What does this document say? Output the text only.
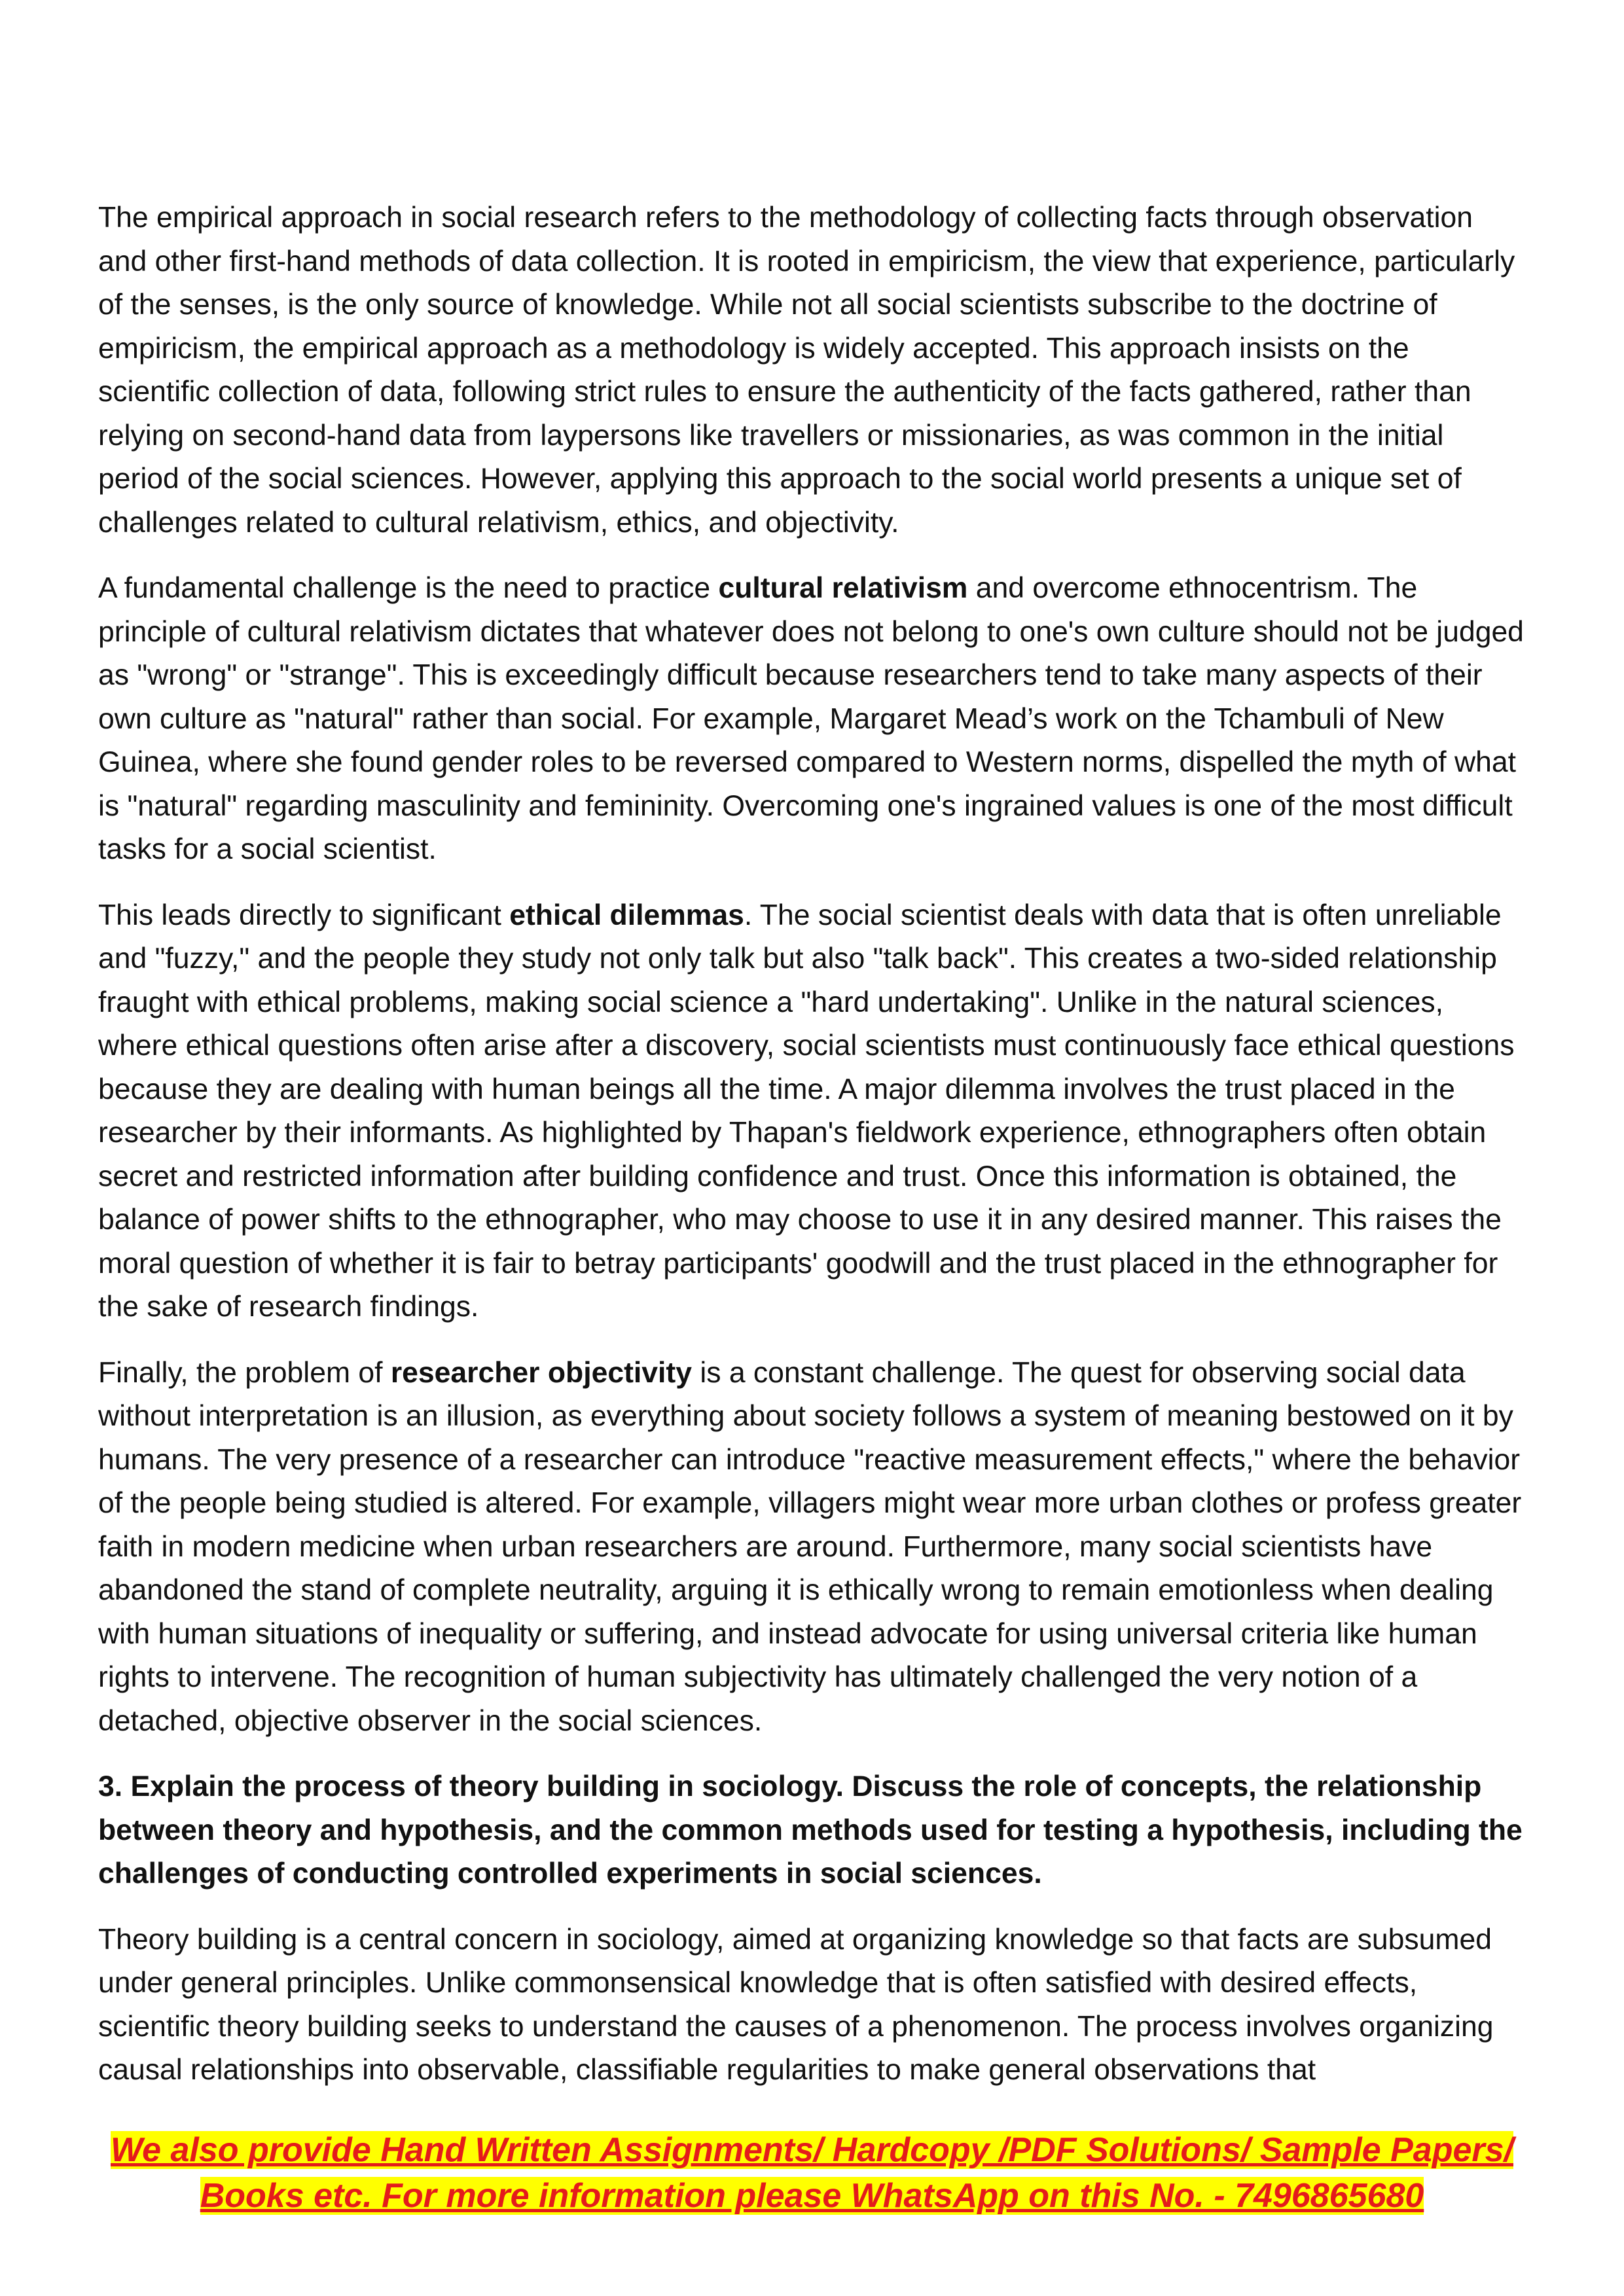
The empirical approach in social research refers to the methodology of collecting facts through observation and other first-hand methods of data collection. It is rooted in empiricism, the view that experience, particularly of the senses, is the only source of knowledge. While not all social scientists subscribe to the doctrine of empiricism, the empirical approach as a methodology is widely accepted. This approach insists on the scientific collection of data, following strict rules to ensure the authenticity of the facts gathered, rather than relying on second-hand data from laypersons like travellers or missionaries, as was common in the initial period of the social sciences. However, applying this approach to the social world presents a unique set of challenges related to cultural relativism, ethics, and objectivity.

A fundamental challenge is the need to practice cultural relativism and overcome ethnocentrism. The principle of cultural relativism dictates that whatever does not belong to one's own culture should not be judged as "wrong" or "strange". This is exceedingly difficult because researchers tend to take many aspects of their own culture as "natural" rather than social. For example, Margaret Mead’s work on the Tchambuli of New Guinea, where she found gender roles to be reversed compared to Western norms, dispelled the myth of what is "natural" regarding masculinity and femininity. Overcoming one's ingrained values is one of the most difficult tasks for a social scientist.

This leads directly to significant ethical dilemmas. The social scientist deals with data that is often unreliable and "fuzzy," and the people they study not only talk but also "talk back". This creates a two-sided relationship fraught with ethical problems, making social science a "hard undertaking". Unlike in the natural sciences, where ethical questions often arise after a discovery, social scientists must continuously face ethical questions because they are dealing with human beings all the time. A major dilemma involves the trust placed in the researcher by their informants. As highlighted by Thapan's fieldwork experience, ethnographers often obtain secret and restricted information after building confidence and trust. Once this information is obtained, the balance of power shifts to the ethnographer, who may choose to use it in any desired manner. This raises the moral question of whether it is fair to betray participants' goodwill and the trust placed in the ethnographer for the sake of research findings.

Finally, the problem of researcher objectivity is a constant challenge. The quest for observing social data without interpretation is an illusion, as everything about society follows a system of meaning bestowed on it by humans. The very presence of a researcher can introduce "reactive measurement effects," where the behavior of the people being studied is altered. For example, villagers might wear more urban clothes or profess greater faith in modern medicine when urban researchers are around. Furthermore, many social scientists have abandoned the stand of complete neutrality, arguing it is ethically wrong to remain emotionless when dealing with human situations of inequality or suffering, and instead advocate for using universal criteria like human rights to intervene. The recognition of human subjectivity has ultimately challenged the very notion of a detached, objective observer in the social sciences.

3. Explain the process of theory building in sociology. Discuss the role of concepts, the relationship between theory and hypothesis, and the common methods used for testing a hypothesis, including the challenges of conducting controlled experiments in social sciences.

Theory building is a central concern in sociology, aimed at organizing knowledge so that facts are subsumed under general principles. Unlike commonsensical knowledge that is often satisfied with desired effects, scientific theory building seeks to understand the causes of a phenomenon. The process involves organizing causal relationships into observable, classifiable regularities to make general observations that

We also provide Hand Written Assignments/ Hardcopy /PDF Solutions/ Sample Papers/
Books etc. For more information please WhatsApp on this No. - 7496865680
